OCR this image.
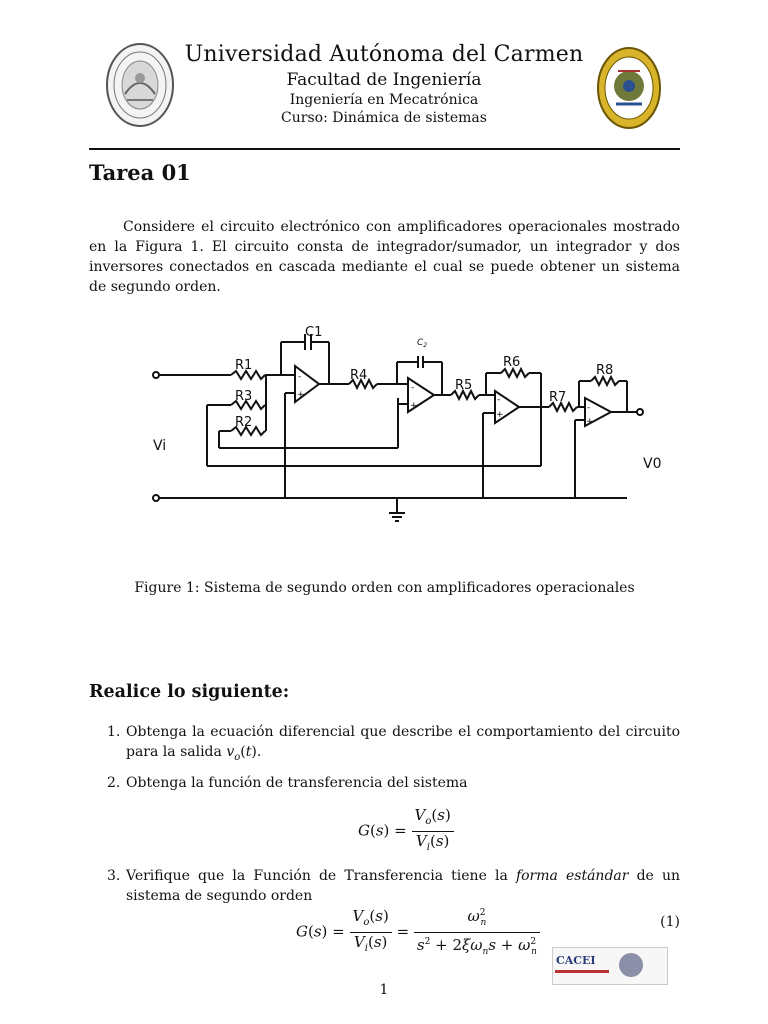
Universidad Autónoma del Carmen
Facultad de Ingeniería
Ingeniería en Mecatrónica
Curso: Dinámica de sistemas
Tarea 01
Considere el circuito electrónico con amplificadores operacionales mostrado en la Figura 1. El circuito consta de integrador/sumador, un integrador y dos inversores conectados en cascada mediante el cual se puede obtener un sistema de segundo orden.
C1
$C_2$
R1
R3
R2
R4
R5
R6
R7
R8
Vi
V0
-
+
-
+
-
+
-
+
Figure 1: Sistema de segundo orden con amplificadores operacionales
Realice lo siguiente:
1. Obtenga la ecuación diferencial que describe el comportamiento del circuito para la salida $v_o(t)$.
2. Obtenga la función de transferencia del sistema
$G(s) = \frac{V_o(s)}{V_i(s)}$
3. Verifique que la Función de Transferencia tiene la forma estándar de un sistema de segundo orden
$G(s) = \frac{V_o(s)}{V_i(s)} = \frac{\omega^2_n}{s^2 + 2\xi\omega_ns + \omega^2_n}$	(1)
CACEI
1
